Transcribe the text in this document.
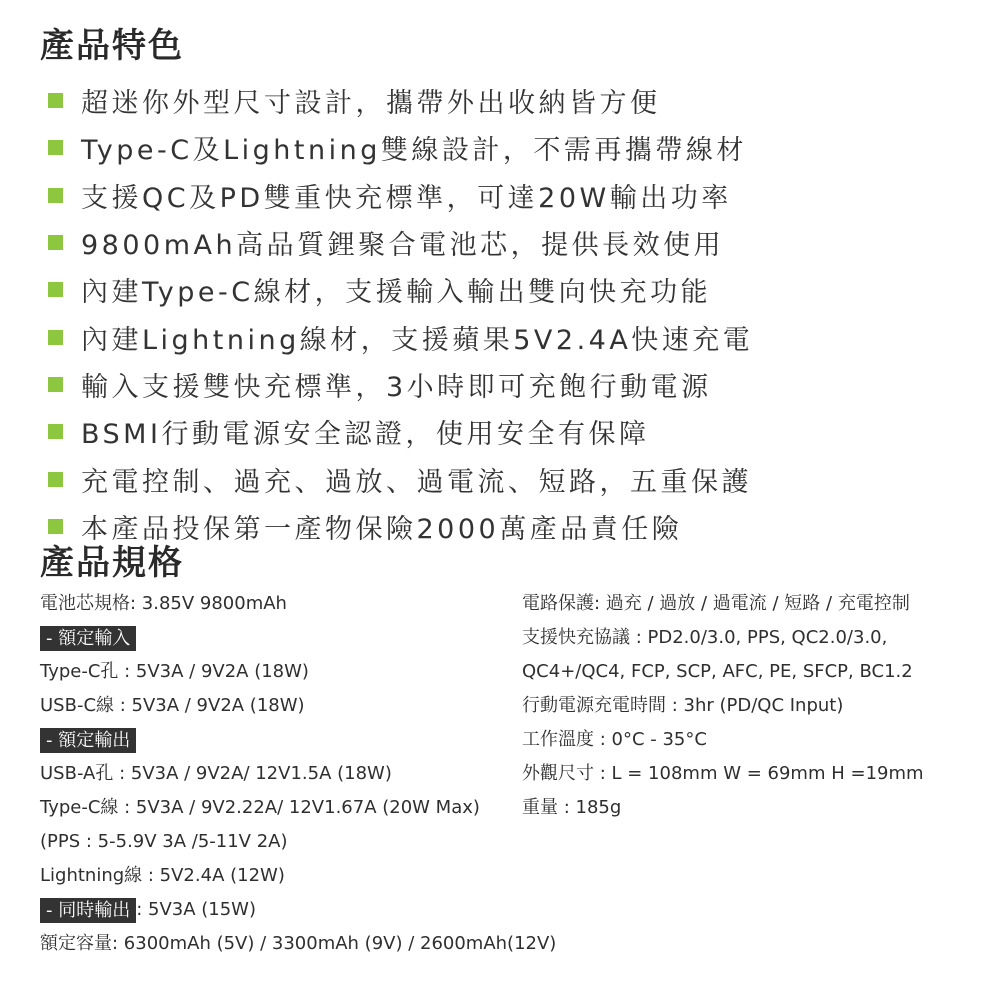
產品特色
超迷你外型尺寸設計，攜帶外出收納皆方便
Type-C及Lightning雙線設計，不需再攜帶線材
支援QC及PD雙重快充標準，可達20W輸出功率
9800mAh高品質鋰聚合電池芯，提供長效使用
內建Type-C線材，支援輸入輸出雙向快充功能
內建Lightning線材，支援蘋果5V2.4A快速充電
輸入支援雙快充標準，3小時即可充飽行動電源
BSMI行動電源安全認證，使用安全有保障
充電控制、過充、過放、過電流、短路，五重保護
本產品投保第一產物保險2000萬產品責任險
產品規格
電池芯規格: 3.85V 9800mAh
- 額定輸入
Type-C孔 : 5V3A / 9V2A (18W)
USB-C線 : 5V3A / 9V2A (18W)
- 額定輸出
USB-A孔 : 5V3A / 9V2A/ 12V1.5A (18W)
Type-C線 : 5V3A / 9V2.22A/ 12V1.67A (20W Max)
(PPS : 5-5.9V 3A /5-11V 2A)
Lightning線 : 5V2.4A (12W)
- 同時輸出 : 5V3A (15W)
額定容量: 6300mAh (5V) / 3300mAh (9V) / 2600mAh(12V)
電路保護: 過充 / 過放 / 過電流 / 短路 / 充電控制
支援快充協議 : PD2.0/3.0, PPS, QC2.0/3.0,
QC4+/QC4, FCP, SCP, AFC, PE, SFCP, BC1.2
行動電源充電時間 : 3hr (PD/QC Input)
工作溫度 : 0°C - 35°C
外觀尺寸 : L = 108mm W = 69mm H =19mm
重量 : 185g
